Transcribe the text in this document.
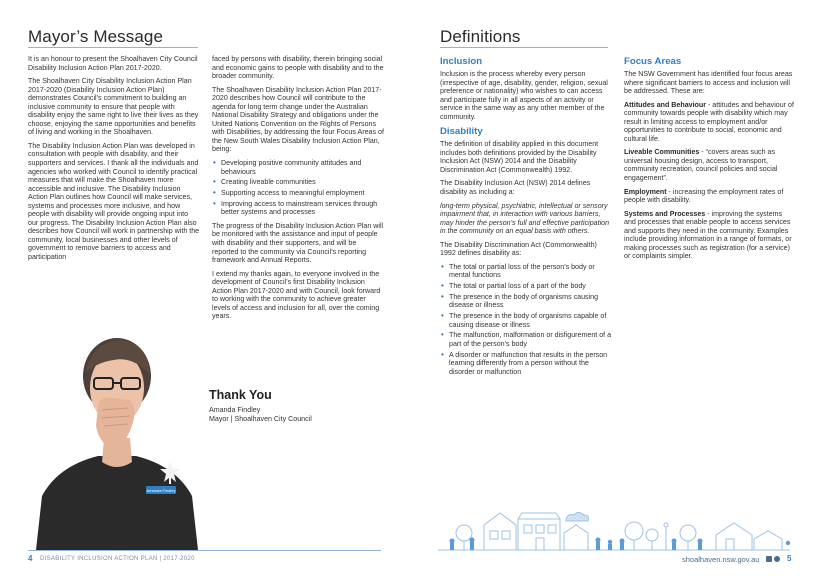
Mayor’s Message

It is an honour to present the Shoalhaven City Council Disability Inclusion Action Plan 2017-2020.

The Shoalhaven City Disability Inclusion Action Plan 2017-2020 (Disability Inclusion Action Plan) demonstrates Council’s commitment to building an inclusive community to ensure that people with disability enjoy the same right to live their lives as they choose, enjoying the same opportunities and benefits of living and working in the Shoalhaven.

The Disability Inclusion Action Plan was developed in consultation with people with disability, and their supporters and services. I thank all the individuals and agencies who worked with Council to identify practical measures that will make the Shoalhaven more accessible and inclusive. The Disability Inclusion Action Plan outlines how Council will make services, systems and processes more inclusive, and how people with disability will provide ongoing input into our progress. The Disability Inclusion Action Plan also describes how Council will work in partnership with the community, local businesses and other levels of government to remove barriers to access and participation

faced by persons with disability, therein bringing social and economic gains to people with disability and to the broader community.

The Shoalhaven Disability Inclusion Action Plan 2017-2020 describes how Council will contribute to the agenda for long term change under the Australian National Disability Strategy and obligations under the United Nations Convention on the Rights of Persons with Disabilities, by addressing the four Focus Areas of the New South Wales Disability Inclusion Action Plan, being:

• Developing positive community attitudes and behaviours
• Creating liveable communities
• Supporting access to meaningful employment
• Improving access to mainstream services through better systems and processes

The progress of the Disability Inclusion Action Plan will be monitored with the assistance and input of people with disability and their supporters, and will be reported to the community via Council’s reporting framework and Annual Reports.

I extend my thanks again, to everyone involved in the development of Council’s first Disability Inclusion Action Plan 2017-2020 and with Council, look forward to working with the community to achieve greater levels of access and inclusion for all, over the coming years.

Amanda Findley
Thank You
Amanda Findley
Mayor | Shoalhaven City Council
4 DISABILITY INCLUSION ACTION PLAN | 2017-2020
Definitions
Inclusion

Inclusion is the process whereby every person (irrespective of age, disability, gender, religion, sexual preference or nationality) who wishes to can access and participate fully in all aspects of an activity or service in the same way as any other member of the community.

Disability

The definition of disability applied in this document includes both definitions provided by the Disability Inclusion Act (NSW) 2014 and the Disability Discrimination Act (Commonwealth) 1992.

The Disability Inclusion Act (NSW) 2014 defines disability as including a:

long-term physical, psychiatric, intellectual or sensory impairment that, in interaction with various barriers, may hinder the person’s full and effective participation in the community on an equal basis with others.

The Disability Discrimination Act (Commonwealth) 1992 defines disability as:

• The total or partial loss of the person’s body or mental functions
• The total or partial loss of a part of the body
• The presence in the body of organisms causing disease or illness
• The presence in the body of organisms capable of causing disease or illness
• The malfunction, malformation or disfigurement of a part of the person’s body
• A disorder or malfunction that results in the person learning differently from a person without the disorder or malfunction
Focus Areas

The NSW Government has identified four focus areas where significant barriers to access and inclusion will be addressed. These are:

Attitudes and Behaviour - attitudes and behaviour of community towards people with disability which may result in limiting access to employment and/or opportunities to contribute to social, economic and cultural life.

Liveable Communities - “covers areas such as universal housing design, access to transport, community recreation, council policies and social engagement”.

Employment - increasing the employment rates of people with disability.

Systems and Processes - improving the systems and processes that enable people to access services and supports they need in the community. Examples include providing information in a range of formats, or making processes such as registration (for a service) or complaints simpler.

shoalhaven.nsw.gov.au	5
